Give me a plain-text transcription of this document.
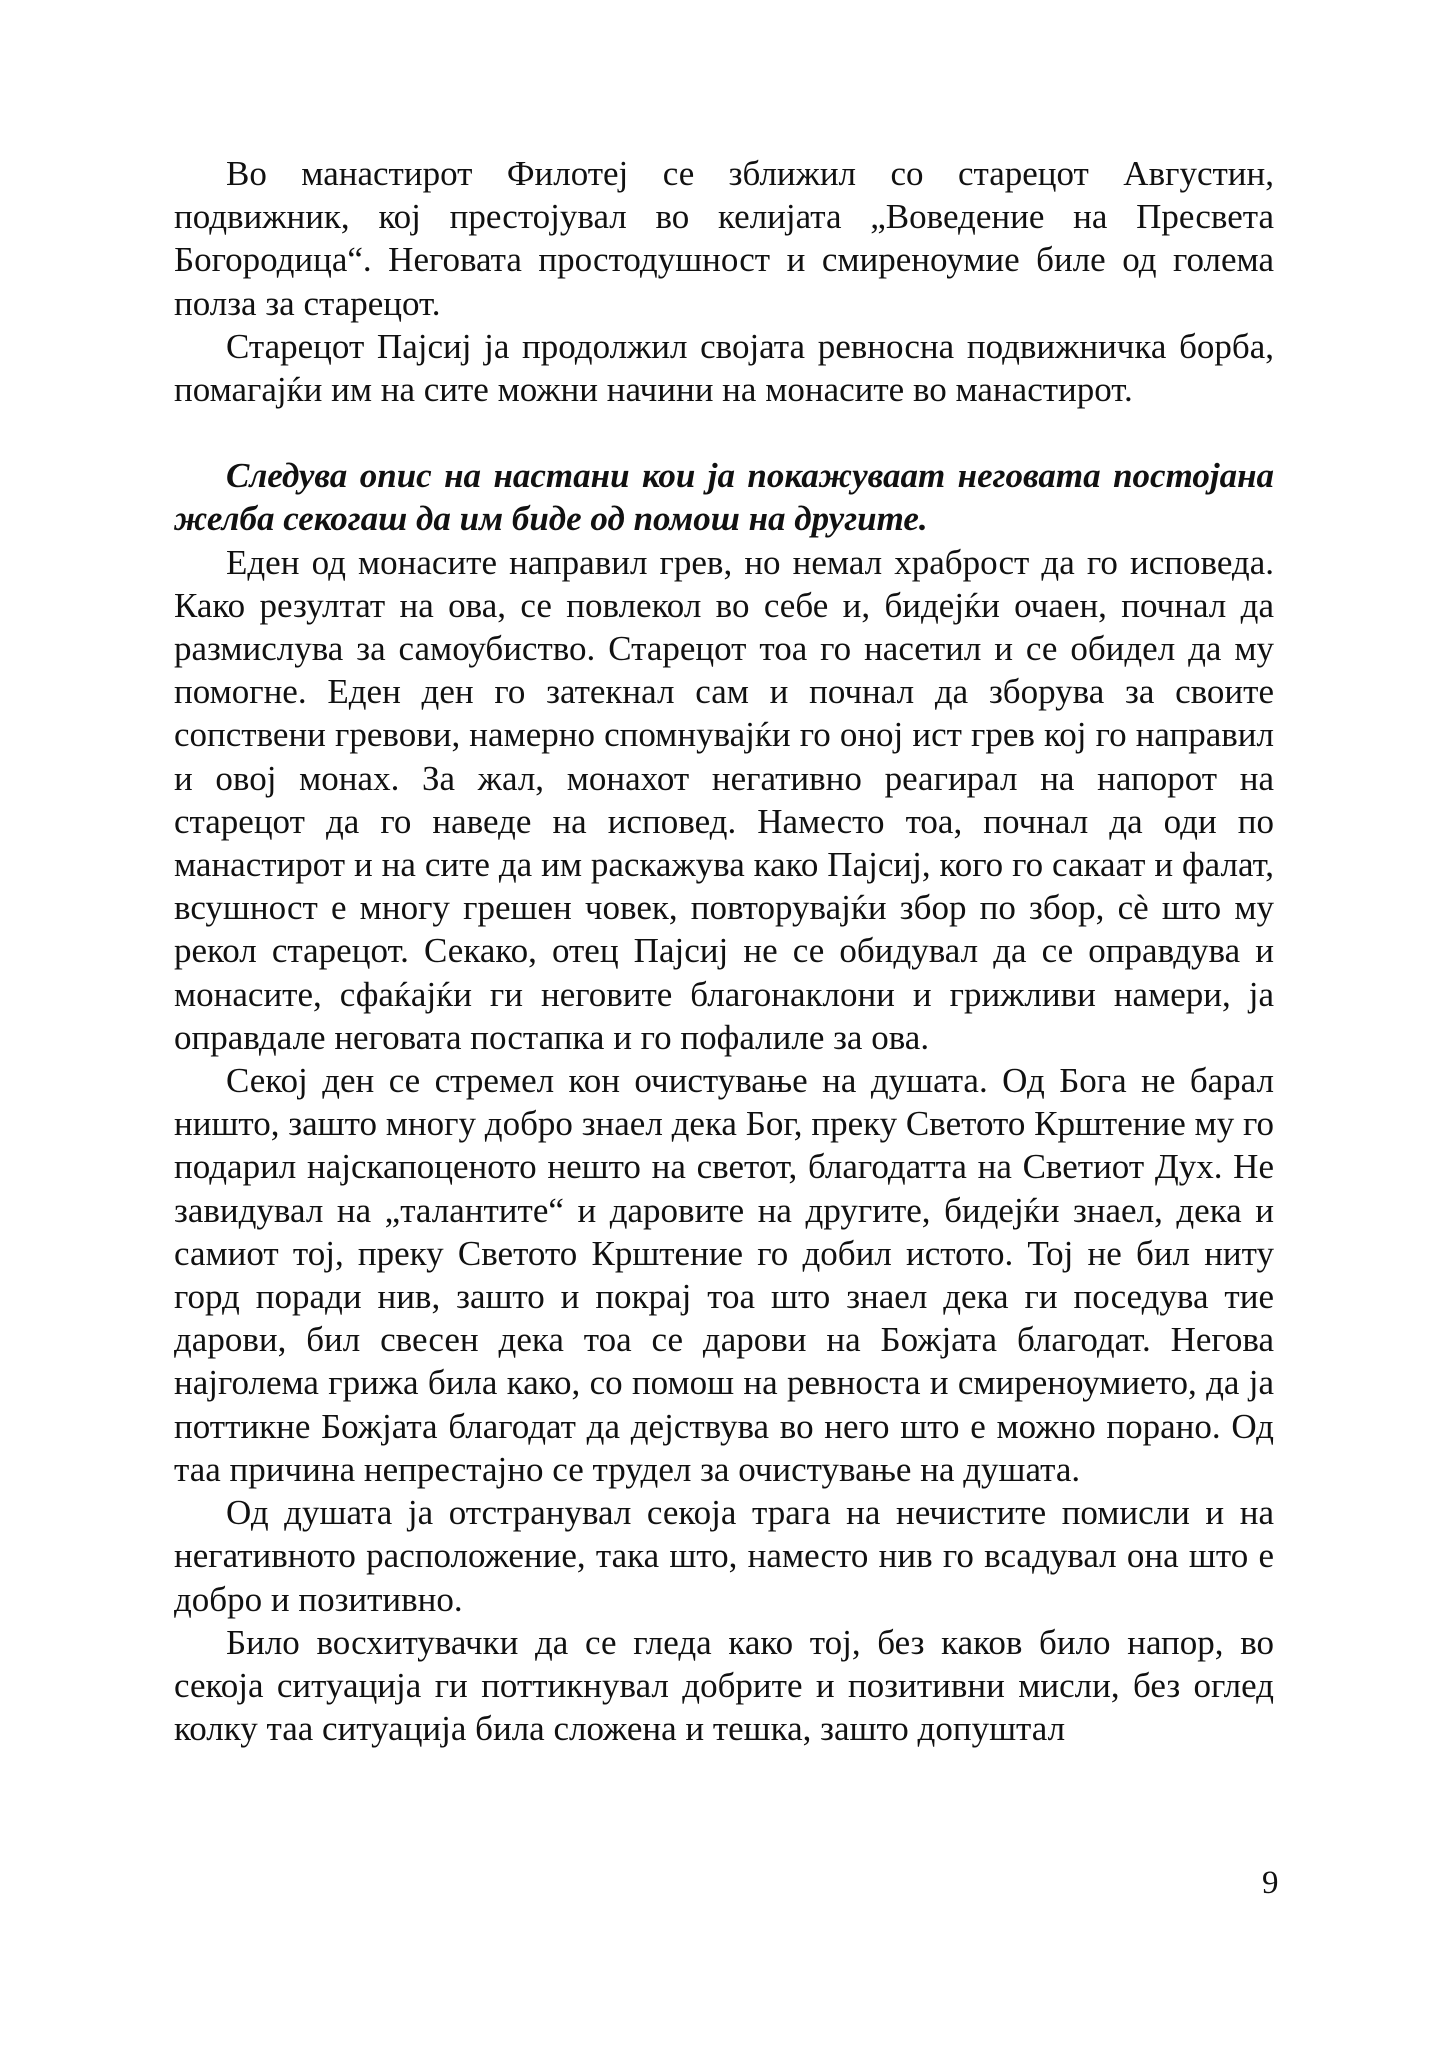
Во манастирот Филотеј се зближил со старецот Августин, подвижник, кој престојувал во келијата „Воведение на Пресвета Богородица“. Неговата простодушност и смиреноумие биле од голема полза за старецот.

Старецот Пајсиј ја продолжил својата ревносна подвижничка борба, помагајќи им на сите можни начини на монасите во манастирот.

Следува опис на настани кои ја покажуваат неговата постојана желба секогаш да им биде од помош на другите.

Еден од монасите направил грев, но немал храброст да го исповеда. Како резултат на ова, се повлекол во себе и, бидејќи очаен, почнал да размислува за самоубиство. Старецот тоа го насетил и се обидел да му помогне. Еден ден го затекнал сам и почнал да зборува за своите сопствени гревови, намерно спомнувајќи го оној ист грев кој го направил и овој монах. За жал, монахот негативно реагирал на напорот на старецот да го наведе на исповед. Наместо тоа, почнал да оди по манастирот и на сите да им раскажува како Пајсиј, кого го сакаат и фалат, всушност е многу грешен човек, повторувајќи збор по збор, сè што му рекол старецот. Секако, отец Пајсиј не се обидувал да се оправдува и монасите, сфаќајќи ги неговите благонаклони и грижливи намери, ја оправдале неговата постапка и го пофалиле за ова.

Секој ден се стремел кон очистување на душата. Од Бога не барал ништо, зашто многу добро знаел дека Бог, преку Светото Крштение му го подарил најскапоценото нешто на светот, благодатта на Светиот Дух. Не завидувал на „талантите“ и даровите на другите, бидејќи знаел, дека и самиот тој, преку Светото Крштение го добил истото. Тој не бил ниту горд поради нив, зашто и покрај тоа што знаел дека ги поседува тие дарови, бил свесен дека тоа се дарови на Божјата благодат. Негова најголема грижа била како, со помош на ревноста и смиреноумието, да ја поттикне Божјата благодат да дејствува во него што е можно порано. Од таа причина непрестајно се трудел за очистување на душата.

Од душата ја отстранувал секоја трага на нечистите помисли и на негативното расположение, така што, наместо нив го всадувал она што е добро и позитивно.

Било восхитувачки да се гледа како тој, без каков било напор, во секоја ситуација ги поттикнувал добрите и позитивни мисли, без оглед колку таа ситуација била сложена и тешка, зашто допуштал

9
